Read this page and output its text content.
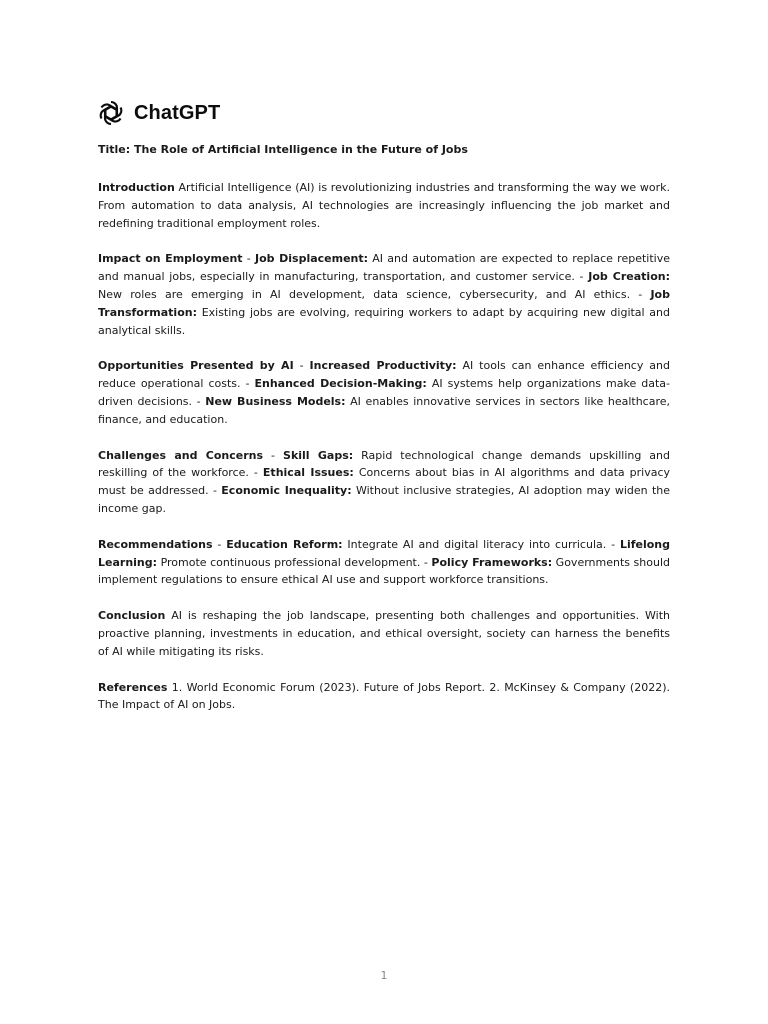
ChatGPT

Title: The Role of Artificial Intelligence in the Future of Jobs

Introduction Artificial Intelligence (AI) is revolutionizing industries and transforming the way we work. From automation to data analysis, AI technologies are increasingly influencing the job market and redefining traditional employment roles.

Impact on Employment - Job Displacement: AI and automation are expected to replace repetitive and manual jobs, especially in manufacturing, transportation, and customer service. - Job Creation: New roles are emerging in AI development, data science, cybersecurity, and AI ethics. - Job Transformation: Existing jobs are evolving, requiring workers to adapt by acquiring new digital and analytical skills.

Opportunities Presented by AI - Increased Productivity: AI tools can enhance efficiency and reduce operational costs. - Enhanced Decision-Making: AI systems help organizations make data-driven decisions. - New Business Models: AI enables innovative services in sectors like healthcare, finance, and education.

Challenges and Concerns - Skill Gaps: Rapid technological change demands upskilling and reskilling of the workforce. - Ethical Issues: Concerns about bias in AI algorithms and data privacy must be addressed. - Economic Inequality: Without inclusive strategies, AI adoption may widen the income gap.

Recommendations - Education Reform: Integrate AI and digital literacy into curricula. - Lifelong Learning: Promote continuous professional development. - Policy Frameworks: Governments should implement regulations to ensure ethical AI use and support workforce transitions.

Conclusion AI is reshaping the job landscape, presenting both challenges and opportunities. With proactive planning, investments in education, and ethical oversight, society can harness the benefits of AI while mitigating its risks.

References 1. World Economic Forum (2023). Future of Jobs Report. 2. McKinsey & Company (2022). The Impact of AI on Jobs.

1
